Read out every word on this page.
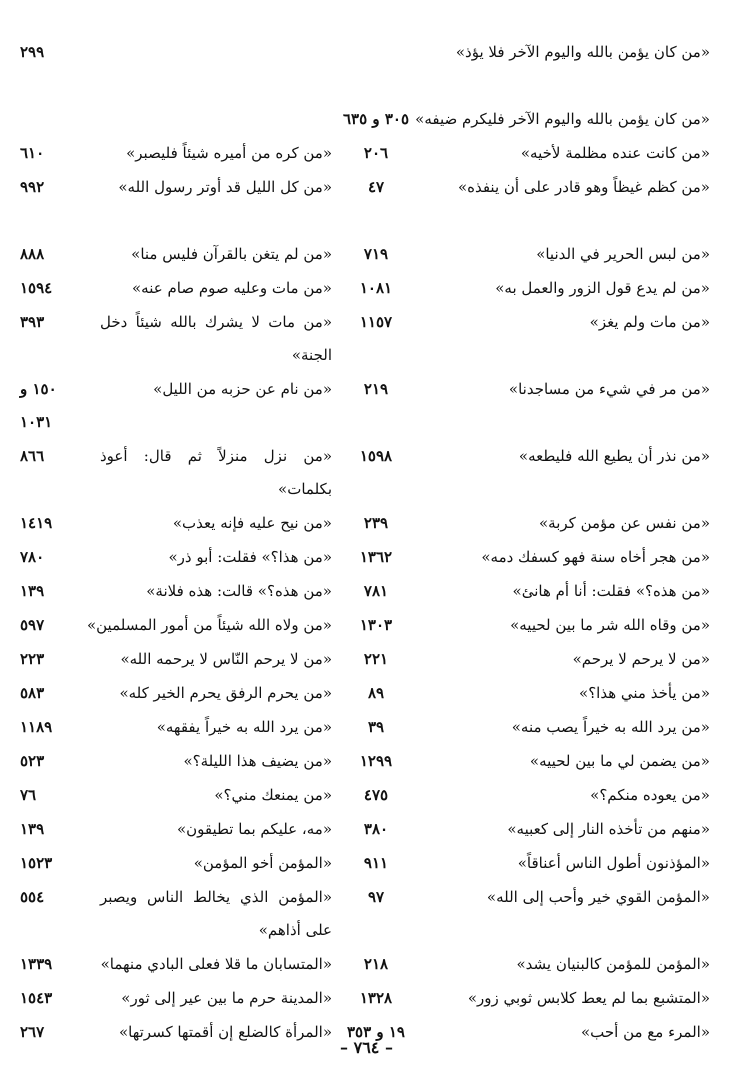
«من كان يؤمن بالله واليوم الآخر فلا يؤذ»
٢٩٩
«من كان يؤمن بالله واليوم الآخر فليكرم ضيفه»
٣٠٥ و ٦٣٥
«من كانت عنده مظلمة لأخيه»
٢٠٦
«من كره من أميره شيئاً فليصبر»
٦١٠
«من كظم غيظاً وهو قادر على أن ينفذه»
٤٧
«من كل الليل قد أوتر رسول الله»
٩٩٢
«من لبس الحرير في الدنيا»
٧١٩
«من لم يتغن بالقرآن فليس منا»
٨٨٨
«من لم يدع قول الزور والعمل به»
١٠٨١
«من مات وعليه صوم صام عنه»
١٥٩٤
«من مات ولم يغز»
١١٥٧
«من مات لا يشرك بالله شيئاً دخل الجنة»
٣٩٣
«من مر في شيء من مساجدنا»
٢١٩
«من نام عن حزبه من الليل»
١٥٠ و ١٠٣١
«من نذر أن يطيع الله فليطعه»
١٥٩٨
«من نزل منزلاً ثم قال: أعوذ بكلمات»
٨٦٦
«من نفس عن مؤمن كربة»
٢٣٩
«من نيح عليه فإنه يعذب»
١٤١٩
«من هجر أخاه سنة فهو كسفك دمه»
١٣٦٢
«من هذا؟» فقلت: أبو ذر»
٧٨٠
«من هذه؟» فقلت: أنا أم هانئ»
٧٨١
«من هذه؟» قالت: هذه فلانة»
١٣٩
«من وقاه الله شر ما بين لحييه»
١٣٠٣
«من ولاه الله شيئاً من أمور المسلمين»
٥٩٧
«من لا يرحم لا يرحم»
٢٢١
«من لا يرحم النّاس لا يرحمه الله»
٢٢٣
«من يأخذ مني هذا؟»
٨٩
«من يحرم الرفق يحرم الخير كله»
٥٨٣
«من يرد الله به خيراً يصب منه»
٣٩
«من يرد الله به خيراً يفقهه»
١١٨٩
«من يضمن لي ما بين لحييه»
١٢٩٩
«من يضيف هذا الليلة؟»
٥٢٣
«من يعوده منكم؟»
٤٧٥
«من يمنعك مني؟»
٧٦
«منهم من تأخذه النار إلى كعبيه»
٣٨٠
«مه، عليكم بما تطيقون»
١٣٩
«المؤذنون أطول الناس أعناقاً»
٩١١
«المؤمن أخو المؤمن»
١٥٢٣
«المؤمن القوي خير وأحب إلى الله»
٩٧
«المؤمن الذي يخالط الناس ويصبر على أذاهم»
٥٥٤
«المؤمن للمؤمن كالبنيان يشد»
٢١٨
«المتسابان ما قلا فعلى البادي منهما»
١٣٣٩
«المتشبع بما لم يعط كلابس ثوبي زور»
١٣٢٨
«المدينة حرم ما بين عير إلى ثور»
١٥٤٣
«المرء مع من أحب»
١٩ و ٣٥٣
«المرأة كالضلع إن أقمتها كسرتها»
٢٦٧
– ٧٦٤ –
